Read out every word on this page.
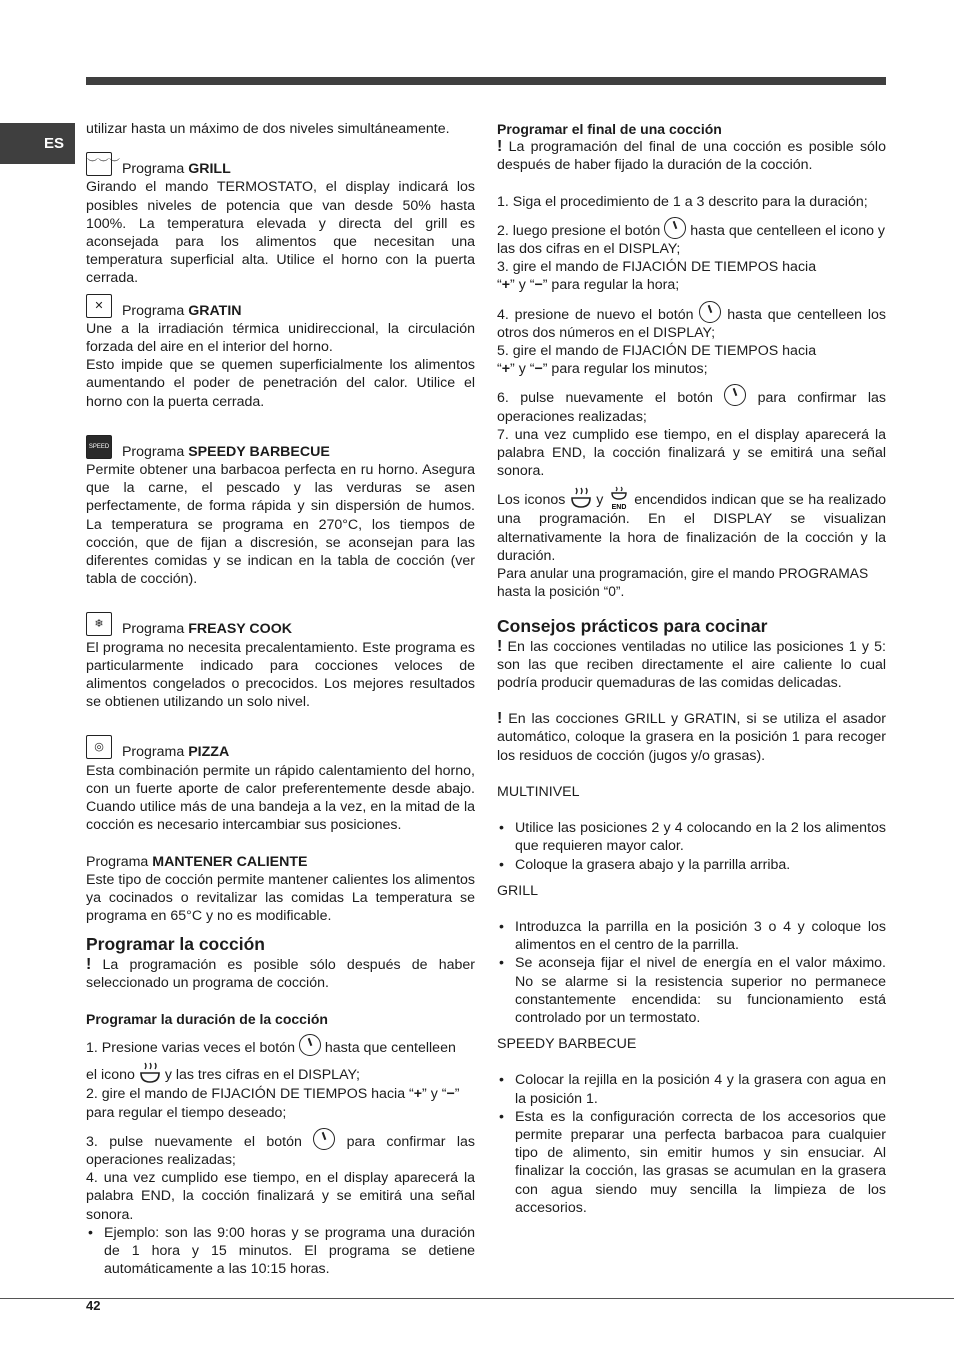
ES

utilizar hasta un máximo de dos niveles simultáneamente.

︶︶︶ Programa GRILL

Girando el mando TERMOSTATO, el display indicará los posibles niveles de potencia que van desde 50% hasta 100%. La temperatura elevada y directa del grill es aconsejada para los alimentos que necesitan una temperatura superficial alta. Utilice el horno con la puerta cerrada.

✕	Programa GRATIN

Une a la irradiación térmica unidireccional, la circulación forzada del aire en el interior del horno.

Esto impide que se quemen superficialmente los alimentos aumentando el poder de penetración del calor. Utilice el horno con la puerta cerrada.

SPEED Programa SPEEDY BARBECUE

Permite obtener una barbacoa perfecta en ru horno. Asegura que la carne, el pescado y las verduras se asen perfectamente, de forma rápida y sin dispersión de humos. La temperatura se programa en 270°C, los tiempos de cocción, que de fijan a discresión, se aconsejan para las diferentes comidas y se indican en la tabla de cocción (ver tabla de cocción).

❄	Programa FREASY COOK

El programa no necesita precalentamiento. Este programa es particularmente indicado para cocciones veloces de alimentos congelados o precocidos. Los mejores resultados se obtienen utilizando un solo nivel.

◎	Programa PIZZA

Esta combinación permite un rápido calentamiento del horno, con un fuerte aporte de calor preferentemente desde abajo. Cuando utilice más de una bandeja a la vez, en la mitad de la cocción es necesario intercambiar sus posiciones.

Programa MANTENER CALIENTE

Este tipo de cocción permite mantener calientes los alimentos ya cocinados o revitalizar las comidas La temperatura se programa en 65°C y no es modificable.

Programar la cocción

! La programación es posible sólo después de haber seleccionado un programa de cocción.

Programar la duración de la cocción

1. Presione varias veces el botón hasta que centelleen

el icono y las tres cifras en el DISPLAY;

2. gire el mando de FIJACIÓN DE TIEMPOS hacia “+” y “−” para regular el tiempo deseado;

3. pulse nuevamente el botón	para confirmar las operaciones realizadas;

4. una vez cumplido ese tiempo, en el display aparecerá la palabra END, la cocción finalizará y se emitirá una señal sonora.

• Ejemplo: son las 9:00 horas y se programa una duración de 1 hora y 15 minutos. El programa se detiene automáticamente a las 10:15 horas.
Programar el final de una cocción

! La programación del final de una cocción es posible sólo después de haber fijado la duración de la cocción.

1. Siga el procedimiento de 1 a 3 descrito para la duración;

2. luego presione el botón hasta que centelleen el icono y las dos cifras en el DISPLAY;

3. gire el mando de FIJACIÓN DE TIEMPOS hacia
“+” y “−” para regular la hora;

4. presione de nuevo el botón hasta que centelleen los otros dos números en el DISPLAY;

5. gire el mando de FIJACIÓN DE TIEMPOS hacia
“+” y “−” para regular los minutos;

6. pulse nuevamente el botón	para confirmar las operaciones realizadas;

7. una vez cumplido ese tiempo, en el display aparecerá la palabra END, la cocción finalizará y se emitirá una señal sonora.

Los iconos y END encendidos indican que se ha realizado una programación. En el DISPLAY se visualizan alternativamente la hora de finalización de la cocción y la duración.

Para anular una programación, gire el mando PROGRAMAS hasta la posición “0”.

Consejos prácticos para cocinar

! En las cocciones ventiladas no utilice las posiciones 1 y 5: son las que reciben directamente el aire caliente lo cual podría producir quemaduras de las comidas delicadas.

! En las cocciones GRILL y GRATIN, si se utiliza el asador automático, coloque la grasera en la posición 1 para recoger los residuos de cocción (jugos y/o grasas).

MULTINIVEL

• Utilice las posiciones 2 y 4 colocando en la 2 los alimentos que requieren mayor calor.
• Coloque la grasera abajo y la parrilla arriba.

GRILL

• Introduzca la parrilla en la posición 3 o 4 y coloque los alimentos en el centro de la parrilla.
• Se aconseja fijar el nivel de energía en el valor máximo. No se alarme si la resistencia superior no permanece constantemente encendida: su funcionamiento está controlado por un termostato.

SPEEDY BARBECUE

• Colocar la rejilla en la posición 4 y la grasera con agua en la posición 1.
• Esta es la configuración correcta de los accesorios que permite preparar una perfecta barbacoa para cualquier tipo de alimento, sin emitir humos y sin ensuciar. Al finalizar la cocción, las grasas se acumulan en la grasera con agua siendo muy sencilla la limpieza de los accesorios.
42
